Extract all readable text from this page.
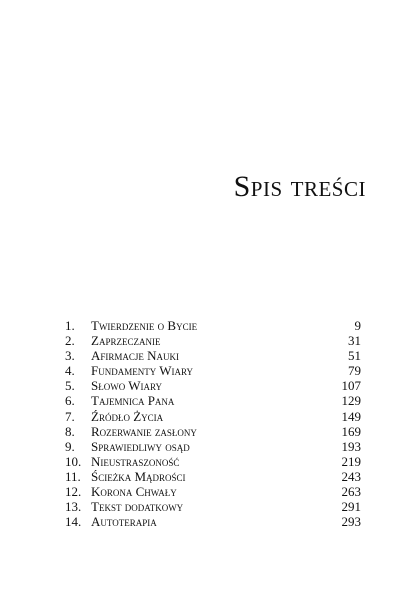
Spis treści
1.	Twierdzenie o Bycie	9
2.	Zaprzeczanie	31
3.	Afirmacje Nauki	51
4.	Fundamenty Wiary	79
5.	Słowo Wiary	107
6.	Tajemnica Pana	129
7.	Źródło Życia	149
8.	Rozerwanie zasłony	169
9.	Sprawiedliwy osąd	193
10. Nieustraszoność	219
11. Ścieżka Mądrości	243
12. Korona Chwały	263
13. Tekst dodatkowy	291
14. Autoterapia	293
